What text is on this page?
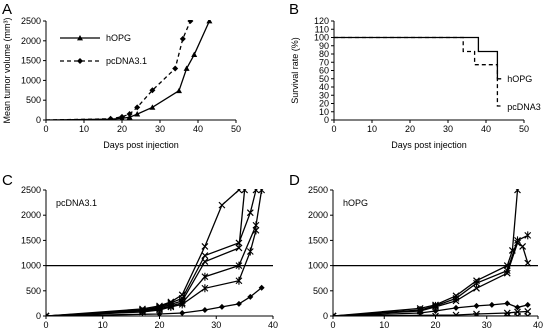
A	B
C	D
0
500
1000
1500
2000
2500
0	10	20	30	40	50
Days post injection
Mean tumor volume (mm³)	hOPG
pcDNA3.1
0
10
20
30
40
50
60
70
80
90
100
110
120
0	10	20	30	40	50
Days post injection
Survival rate (%)	hOPG
pcDNA3
0
500
1000
1500
2000
2500
0	10	20	30	40
pcDNA3.1
0
500
1000
1500
2000
2500
0	10	20	30	40
hOPG
